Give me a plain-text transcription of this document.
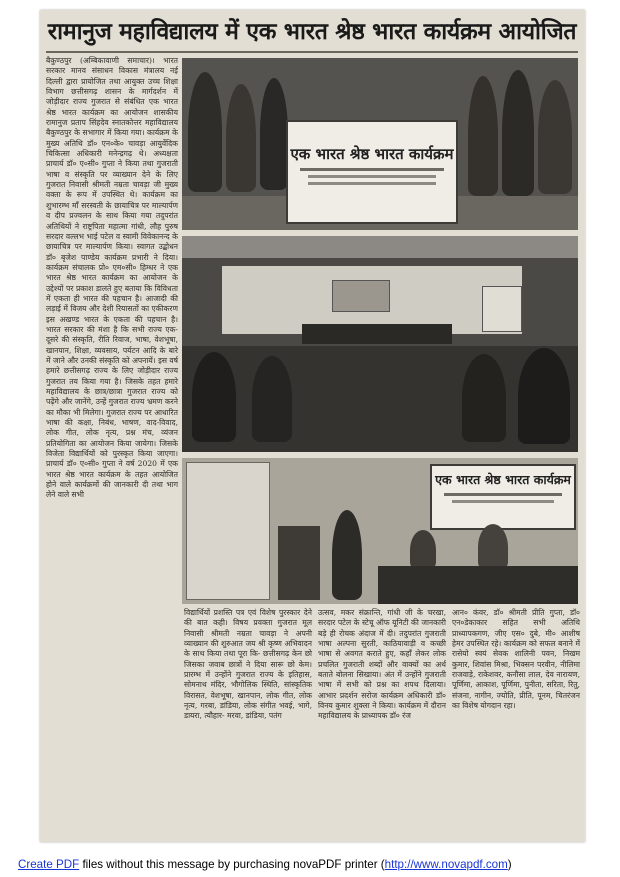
रामानुज महाविद्यालय में एक भारत श्रेष्ठ भारत कार्यक्रम आयोजित

बैकुण्ठपुर (अम्बिकावाणी समाचार)। भारत सरकार मानव संसाधन विकास मंत्रालय नई दिल्ली द्वारा प्रायोजित तथा आयुक्त उच्च शिक्षा विभाग छत्तीसगढ़ शासन के मार्गदर्शन में जोड़ीदार राज्य गुजरात से संबंधित एक भारत श्रेष्ठ भारत कार्यक्रम का आयोजन शासकीय रामानुज प्रताप सिंहदेव स्नातकोत्तर महाविद्यालय बैकुण्ठपुर के सभागार में किया गया। कार्यक्रम के मुख्य अतिथि डॉ० एन०के० चावड़ा आयुर्वेदिक चिकित्सा अधिकारी मनेन्द्रगढ़ थे। अध्यक्षता प्राचार्य डॉ० ए०सी० गुप्ता ने किया तथा गुजराती भाषा व संस्कृति पर व्याख्यान देने के लिए गुजरात निवासी श्रीमती नम्रता चावड़ा जी मुख्य वक्ता के रूप में उपस्थित थे। कार्यक्रम का शुभारम्भ माँ सरस्वती के छायाचित्र पर माल्यार्पण व दीप प्रज्वलन के साथ किया गया तदुपरांत अतिथियों ने राष्ट्रपिता महात्मा गांधी, लौह पुरुष सरदार वल्लभ भाई पटेल व स्वामी विवेकानन्द के छायाचित्र पर माल्यार्पण किया। स्वागत उद्बोधन डॉ० बृजेश पाण्डेय कार्यक्रम प्रभारी ने दिया। कार्यक्रम संचालक प्रो० एम०सी० हिम्धर ने एक भारत श्रेष्ठ भारत कार्यक्रम का आयोजन के उद्देश्यों पर प्रकाश डालते हुए बताया कि विविधता में एकता ही भारत की पहचान है। आजादी की लड़ाई में विजय और देशी रियासतों का एकीकरण इस अखण्ड भारत के एकता की पहचान है। भारत सरकार की मंशा है कि सभी राज्य एक-दूसरे की संस्कृति, रीति रिवाज, भाषा, वेशभूषा, खानपान, शिक्षा, व्यवसाय, पर्यटन आदि के बारे में जाने और उनकी संस्कृति को अपनायें। इस वर्ष हमारे छत्तीसगढ़ राज्य के लिए जोड़ीदार राज्य गुजरात तय किया गया है। जिसके तहत हमारे महाविद्यालय के छात्र/छात्रा गुजरात राज्य को पढ़ेंगे और जानेंगे, उन्हें गुजरात राज्य भ्रमण करने का मौका भी मिलेगा। गुजरात राज्य पर आधारित भाषा की कक्षा, निबंध, भाषण, वाद-विवाद, लोक गीत, लोक नृत्य, प्रश्न मंच, व्यंजन प्रतियोगिता का आयोजन किया जायेगा। जिसके विजेता विद्यार्थियों को पुरस्कृत किया जाएगा। प्राचार्य डॉ० ए०सी० गुप्ता ने वर्ष 2020 में एक भारत श्रेष्ठ भारत कार्यक्रम के तहत आयोजित होने वाले कार्यक्रमों की जानकारी दी तथा भाग लेने वाले सभी

एक भारत श्रेष्ठ भारत कार्यक्रम
एक भारत श्रेष्ठ भारत कार्यक्रम

विद्यार्थियों प्रशस्ति पत्र एवं विशेष पुरस्कार देने की बात कही। विषय प्रवक्ता गुजरात मूल निवासी श्रीमती नम्रता चावड़ा ने अपनी व्याख्यान की शुरुआत जय श्री कृष्ण अभिवादन के साथ किया तथा पूरा कि- छत्तीसगढ़ केन छो जिसका जवाब छात्रों ने दिया सारू छो केम। प्रारम्भ में उन्होंने गुजरात राज्य के इतिहास, सोमनाथ मंदिर, भौगोलिक स्थिति, सांस्कृतिक विरासत, वेशभूषा, खानपान, लोक गीत, लोक नृत्य, गरबा, डांडिया, लोक संगीत भवई, भागे, डायरा, त्यौहार- मरवा, डांडिया, पतंग

उत्सव, मकर संक्रान्ति, गांधी जी के चरखा, सरदार पटेल के स्टेचू ऑफ यूनिटी की जानकारी बड़े ही रोचक अंदाज में दी। तदुपरांत गुजराती भाषा अल्पना सुरती, काठियावाड़ी व कच्छी भाषा से अवगत कराते हुए, कहाँ लेकर लोक प्रचलित गुजराती शब्दों और वाक्यों का अर्थ बताते बोलना सिखाया। अंत में उन्होंने गुजराती भाषा में सभी को प्रश्न का शपथ दिलाया। आभार प्रदर्शन सरोज कार्यक्रम अधिकारी डॉ० विनय कुमार शुक्ला ने किया। कार्यक्रम में दौरान महाविद्यालय के प्राध्यापक डॉ० रंज

आन० कंवर, डॉ० श्रीमती प्रीति गुप्ता, डॉ० एन०डेकाकार सहित सभी अतिथि प्राध्यापकगण, जीए एस० दुबे, मी० आशीष हेमर उपस्थित रहे। कार्यक्रम को सफल बनाने में रासेयो स्वयं सेवक शालिनी पवन, निखम कुमार, शिवांस मिश्रा, भिक्सन परवीन, नीलिमा राजवाड़े, राकेशवर, कनौसा लाल, देव नारायण, पूर्णिमा, आकाश, पूर्णिमा, पुनीता, सरिता, रितु, संजना, नागीन, ज्योति, प्रीति, पूनम, चितरंजन का विशेष योगदान रहा।

Create PDF files without this message by purchasing novaPDF printer (http://www.novapdf.com)
